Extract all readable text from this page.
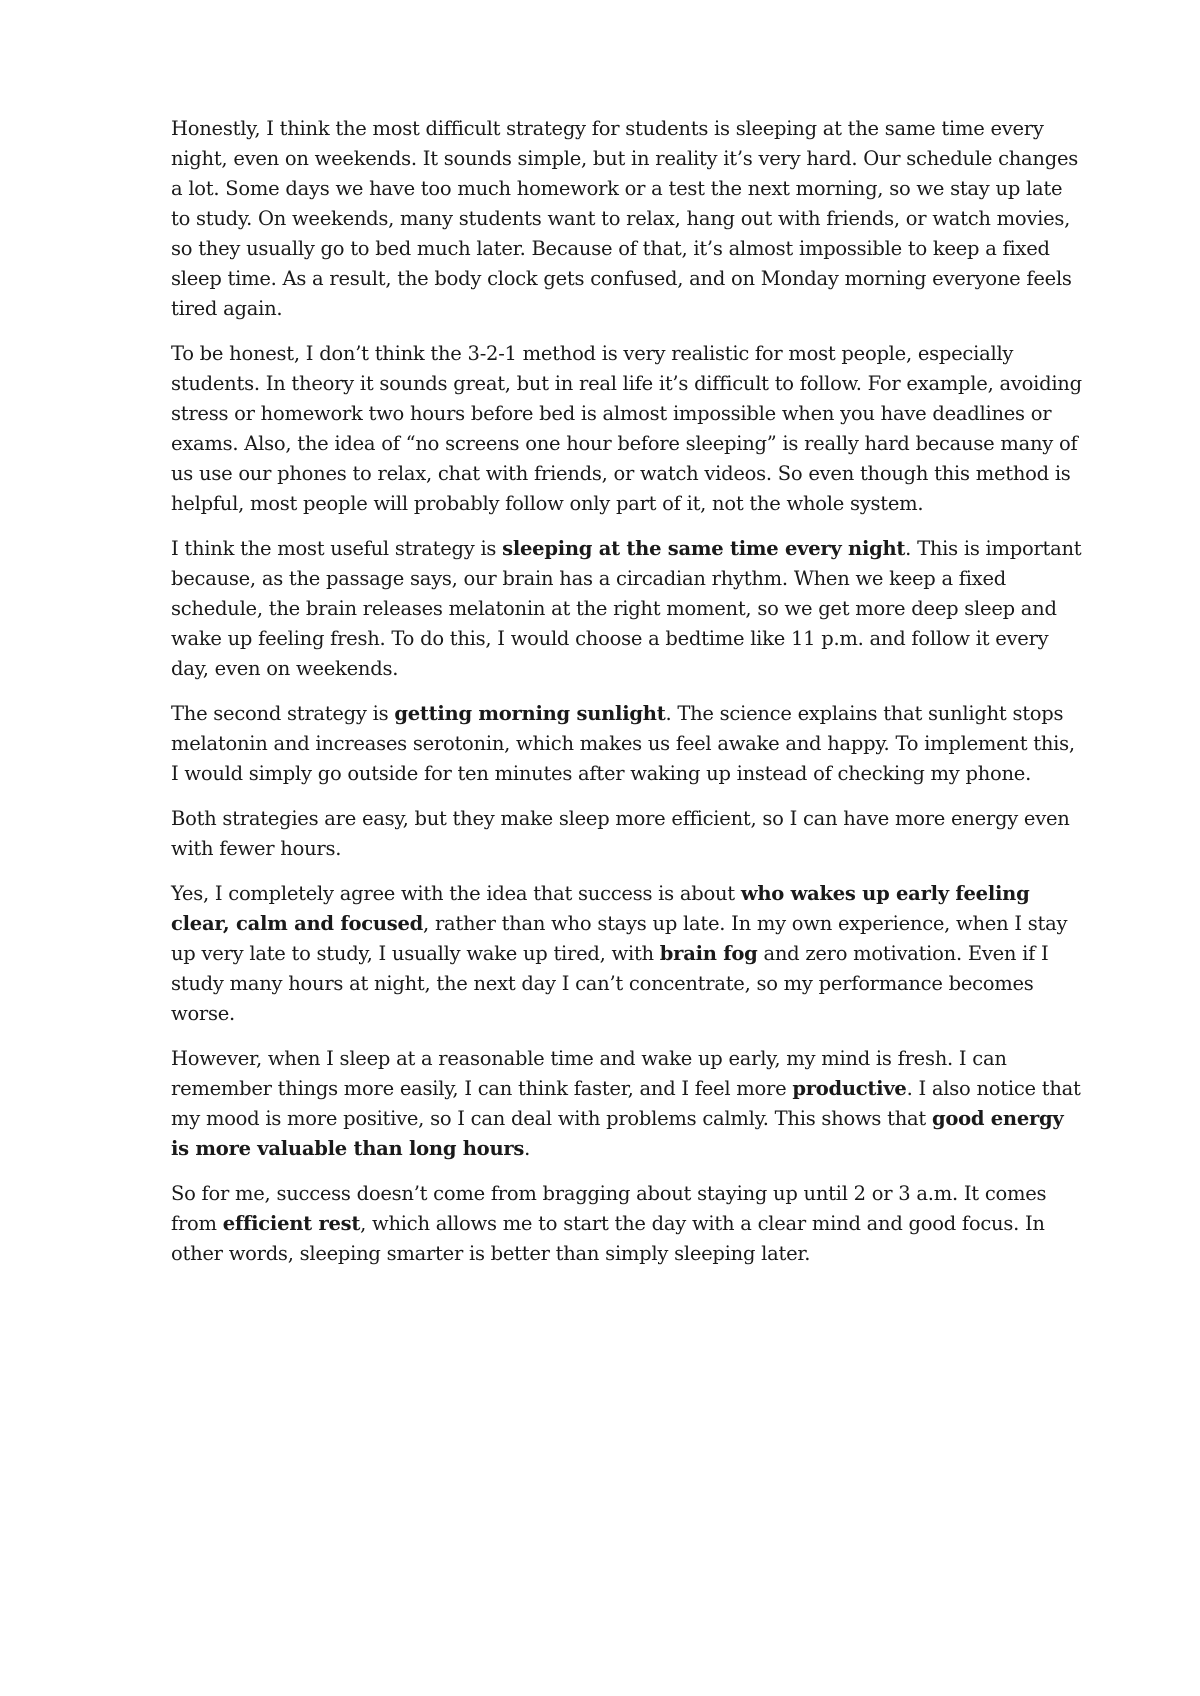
Honestly, I think the most difficult strategy for students is sleeping at the same time every night, even on weekends. It sounds simple, but in reality it’s very hard. Our schedule changes a lot. Some days we have too much homework or a test the next morning, so we stay up late to study. On weekends, many students want to relax, hang out with friends, or watch movies, so they usually go to bed much later. Because of that, it’s almost impossible to keep a fixed sleep time. As a result, the body clock gets confused, and on Monday morning everyone feels tired again.

To be honest, I don’t think the 3-2-1 method is very realistic for most people, especially students. In theory it sounds great, but in real life it’s difficult to follow. For example, avoiding stress or homework two hours before bed is almost impossible when you have deadlines or exams. Also, the idea of “no screens one hour before sleeping” is really hard because many of us use our phones to relax, chat with friends, or watch videos. So even though this method is helpful, most people will probably follow only part of it, not the whole system.

I think the most useful strategy is sleeping at the same time every night. This is important because, as the passage says, our brain has a circadian rhythm. When we keep a fixed schedule, the brain releases melatonin at the right moment, so we get more deep sleep and wake up feeling fresh. To do this, I would choose a bedtime like 11 p.m. and follow it every day, even on weekends.

The second strategy is getting morning sunlight. The science explains that sunlight stops melatonin and increases serotonin, which makes us feel awake and happy. To implement this, I would simply go outside for ten minutes after waking up instead of checking my phone.

Both strategies are easy, but they make sleep more efficient, so I can have more energy even with fewer hours.

Yes, I completely agree with the idea that success is about who wakes up early feeling clear, calm and focused, rather than who stays up late. In my own experience, when I stay up very late to study, I usually wake up tired, with brain fog and zero motivation. Even if I study many hours at night, the next day I can’t concentrate, so my performance becomes worse.

However, when I sleep at a reasonable time and wake up early, my mind is fresh. I can remember things more easily, I can think faster, and I feel more productive. I also notice that my mood is more positive, so I can deal with problems calmly. This shows that good energy is more valuable than long hours.

So for me, success doesn’t come from bragging about staying up until 2 or 3 a.m. It comes from efficient rest, which allows me to start the day with a clear mind and good focus. In other words, sleeping smarter is better than simply sleeping later.
